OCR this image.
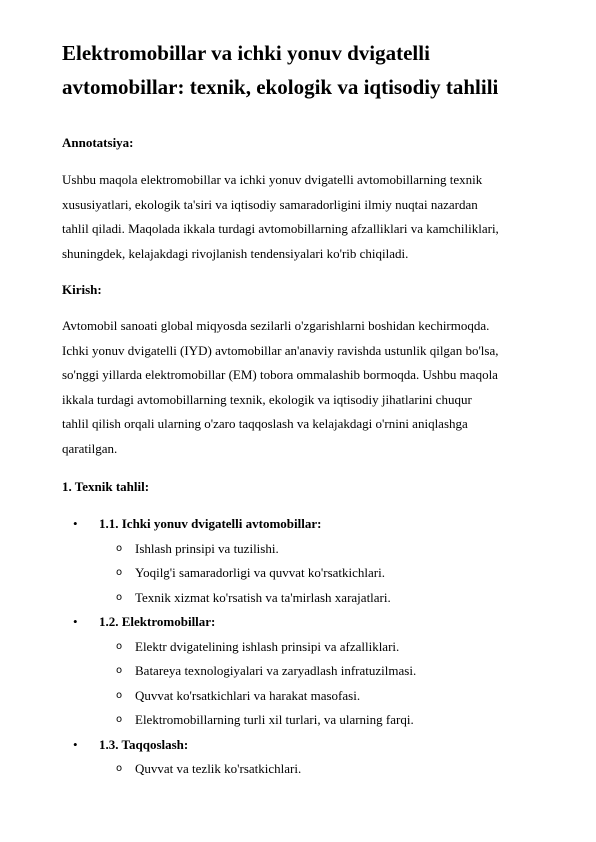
Elektromobillar va ichki yonuv dvigatelli
avtomobillar: texnik, ekologik va iqtisodiy tahlili
Annotatsiya:

Ushbu maqola elektromobillar va ichki yonuv dvigatelli avtomobillarning texnik
xususiyatlari, ekologik ta'siri va iqtisodiy samaradorligini ilmiy nuqtai nazardan
tahlil qiladi. Maqolada ikkala turdagi avtomobillarning afzalliklari va kamchiliklari,
shuningdek, kelajakdagi rivojlanish tendensiyalari ko'rib chiqiladi.

Kirish:

Avtomobil sanoati global miqyosda sezilarli o'zgarishlarni boshidan kechirmoqda.
Ichki yonuv dvigatelli (IYD) avtomobillar an'anaviy ravishda ustunlik qilgan bo'lsa,
so'nggi yillarda elektromobillar (EM) tobora ommalashib bormoqda. Ushbu maqola
ikkala turdagi avtomobillarning texnik, ekologik va iqtisodiy jihatlarini chuqur
tahlil qilish orqali ularning o'zaro taqqoslash va kelajakdagi o'rnini aniqlashga
qaratilgan.

1. Texnik tahlil:
• 1.1. Ichki yonuv dvigatelli avtomobillar:
o Ishlash prinsipi va tuzilishi.
o Yoqilg'i samaradorligi va quvvat ko'rsatkichlari.
o Texnik xizmat ko'rsatish va ta'mirlash xarajatlari.
• 1.2. Elektromobillar:
o Elektr dvigatelining ishlash prinsipi va afzalliklari.
o Batareya texnologiyalari va zaryadlash infratuzilmasi.
o Quvvat ko'rsatkichlari va harakat masofasi.
o Elektromobillarning turli xil turlari, va ularning farqi.
• 1.3. Taqqoslash:
o Quvvat va tezlik ko'rsatkichlari.
